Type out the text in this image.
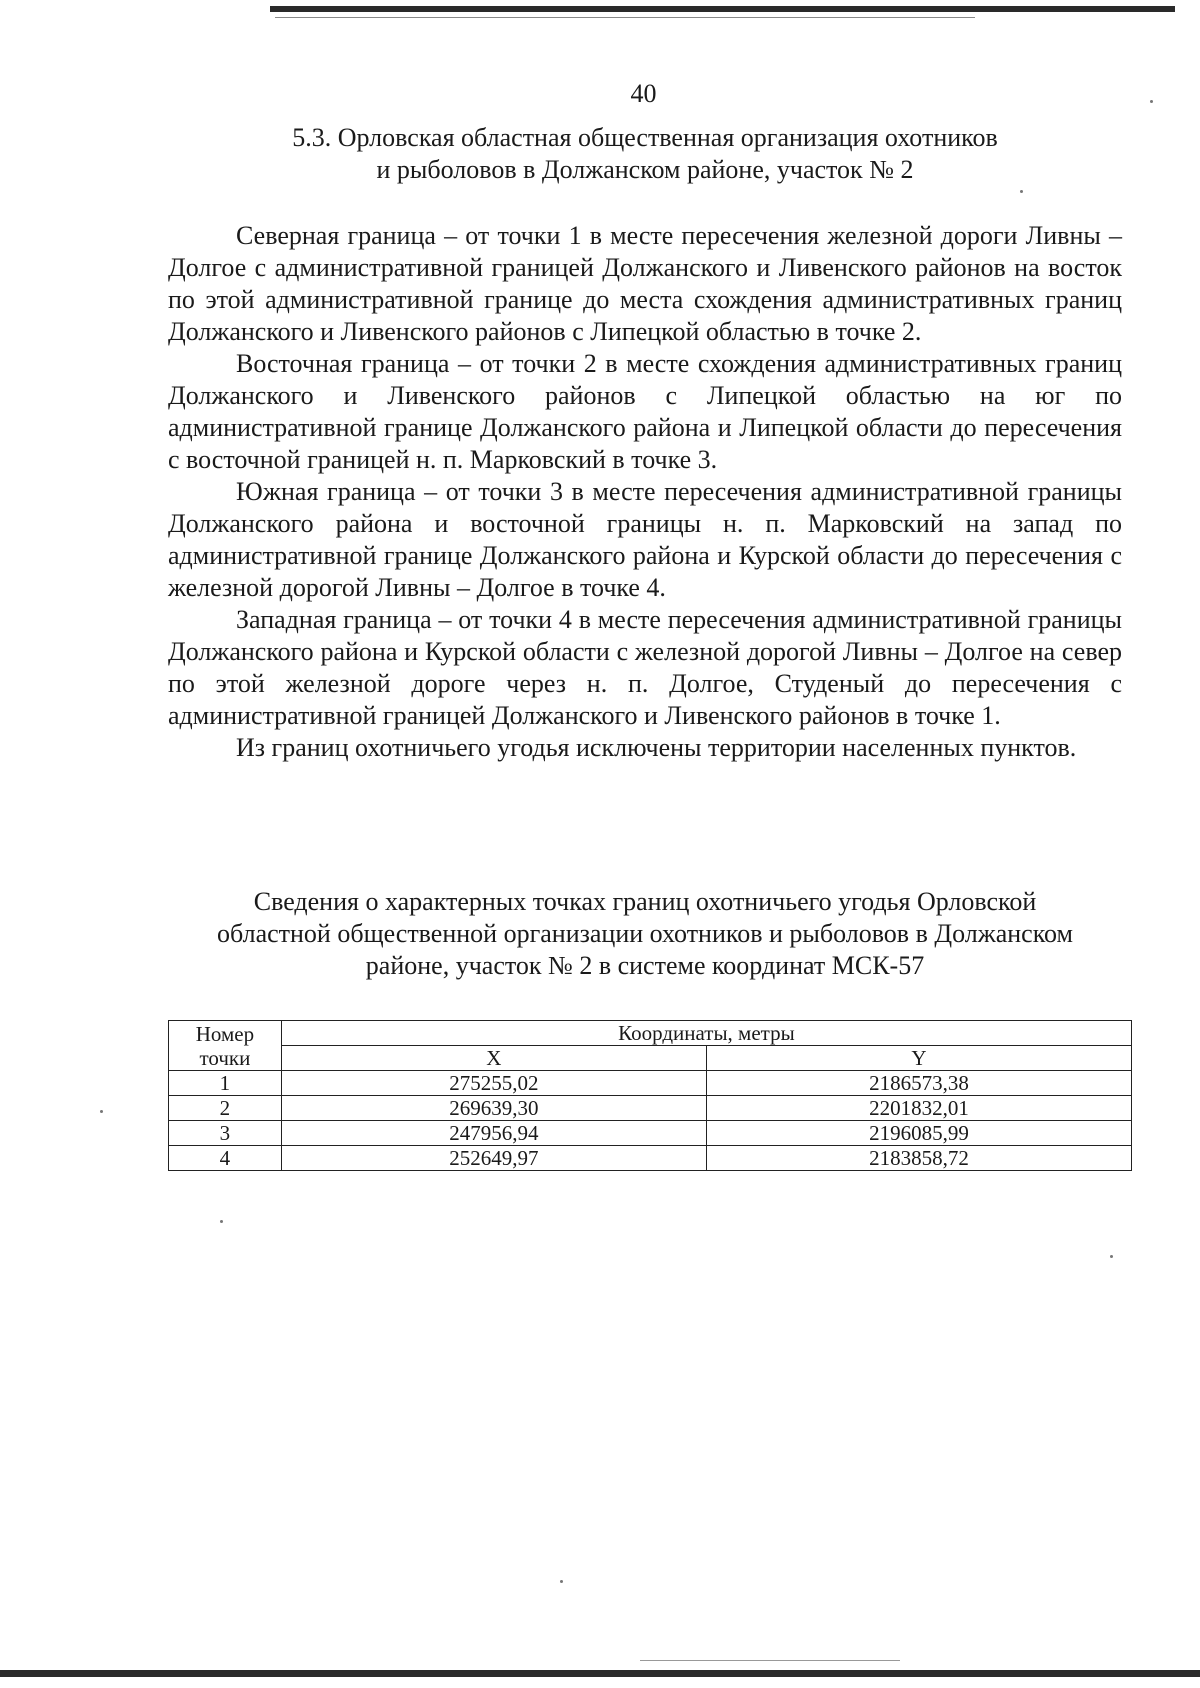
40
5.3. Орловская областная общественная организация охотников
и рыболовов в Должанском районе, участок № 2

Северная граница – от точки 1 в месте пересечения железной дороги Ливны – Долгое с административной границей Должанского и Ливенского районов на восток по этой административной границе до места схождения административных границ Должанского и Ливенского районов с Липецкой областью в точке 2.

Восточная граница – от точки 2 в месте схождения административных границ Должанского и Ливенского районов с Липецкой областью на юг по административной границе Должанского района и Липецкой области до пересечения с восточной границей н. п. Марковский в точке 3.

Южная граница – от точки 3 в месте пересечения административной границы Должанского района и восточной границы н. п. Марковский на запад по административной границе Должанского района и Курской области до пересечения с железной дорогой Ливны – Долгое в точке 4.

Западная граница – от точки 4 в месте пересечения административной границы Должанского района и Курской области с железной дорогой Ливны – Долгое на север по этой железной дороге через н. п. Долгое, Студеный до пересечения с административной границей Должанского и Ливенского районов в точке 1.

Из границ охотничьего угодья исключены территории населенных пунктов.

Сведения о характерных точках границ охотничьего угодья Орловской
областной общественной организации охотников и рыболовов в Должанском
районе, участок № 2 в системе координат МСК-57
Номер
точки	Координаты, метры	
	X	Y
1	275255,02	2186573,38
2	269639,30	2201832,01
3	247956,94	2196085,99
4	252649,97	2183858,72
